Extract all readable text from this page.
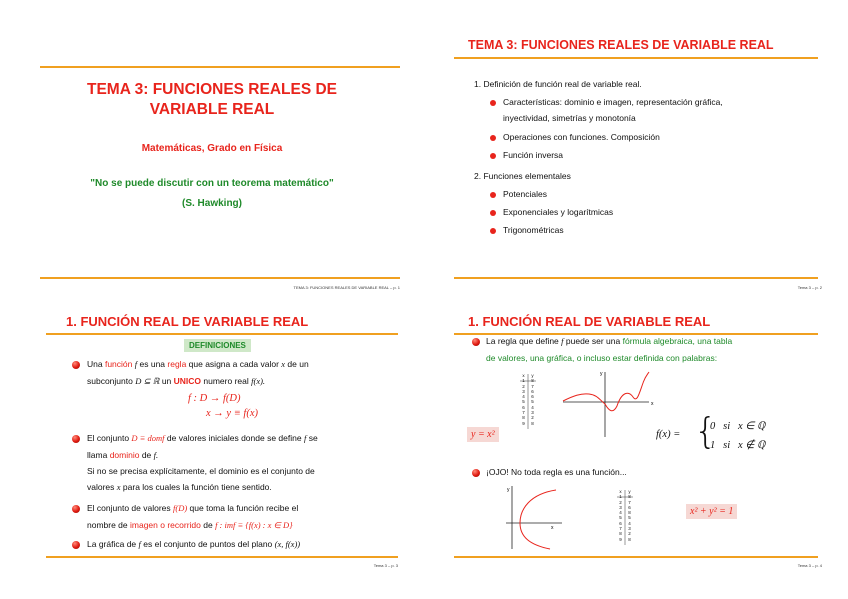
TEMA 3: FUNCIONES REALES DE
VARIABLE REAL
Matemáticas, Grado en Física
"No se puede discutir con un teorema matemático"
(S. Hawking)
TEMA 3: FUNCIONES REALES DE VARIABLE REAL – p. 1
TEMA 3: FUNCIONES REALES DE VARIABLE REAL
1. Definición de función real de variable real.
Características: dominio e imagen, representación gráfica,
inyectividad, simetrías y monotonía
Operaciones con funciones. Composición
Función inversa
2. Funciones elementales
Potenciales
Exponenciales y logarítmicas
Trigonométricas
Tema 3 – p. 2
1. FUNCIÓN REAL DE VARIABLE REAL
DEFINICIONES
Una función f es una regla que asigna a cada valor x de un
subconjunto D ⊆ ℝ un UNICO numero real f(x).
f : D → f(D)
x → y ≡ f(x)
El conjunto D ≡ domf de valores iniciales donde se define f se
llama dominio de f.
Si no se precisa explícitamente, el dominio es el conjunto de
valores x para los cuales la función tiene sentido.
El conjunto de valores f(D) que toma la función recibe el
nombre de imagen o recorrido de f : imf ≡ {f(x) : x ∈ D}
La gráfica de f es el conjunto de puntos del plano (x, f(x))
Tema 3 – p. 3
1. FUNCIÓN REAL DE VARIABLE REAL
La regla que define f puede ser una fórmula algebraica, una tabla
de valores, una gráfica, o incluso estar definida con palabras:
x	y
1	8
2	7
3	6
4	6
5	5
6	4
7	3
8	2
9	8
x
y
y = x²	f(x) = {
0   si   x ∈ ℚ
1   si   x ∉ ℚ
¡OJO! No toda regla es una función...
x
y	x	y
1	8
2	7
3	6
4	8
5	5
6	4
7	3
8	2
9	8
x² + y² = 1
Tema 3 – p. 4
